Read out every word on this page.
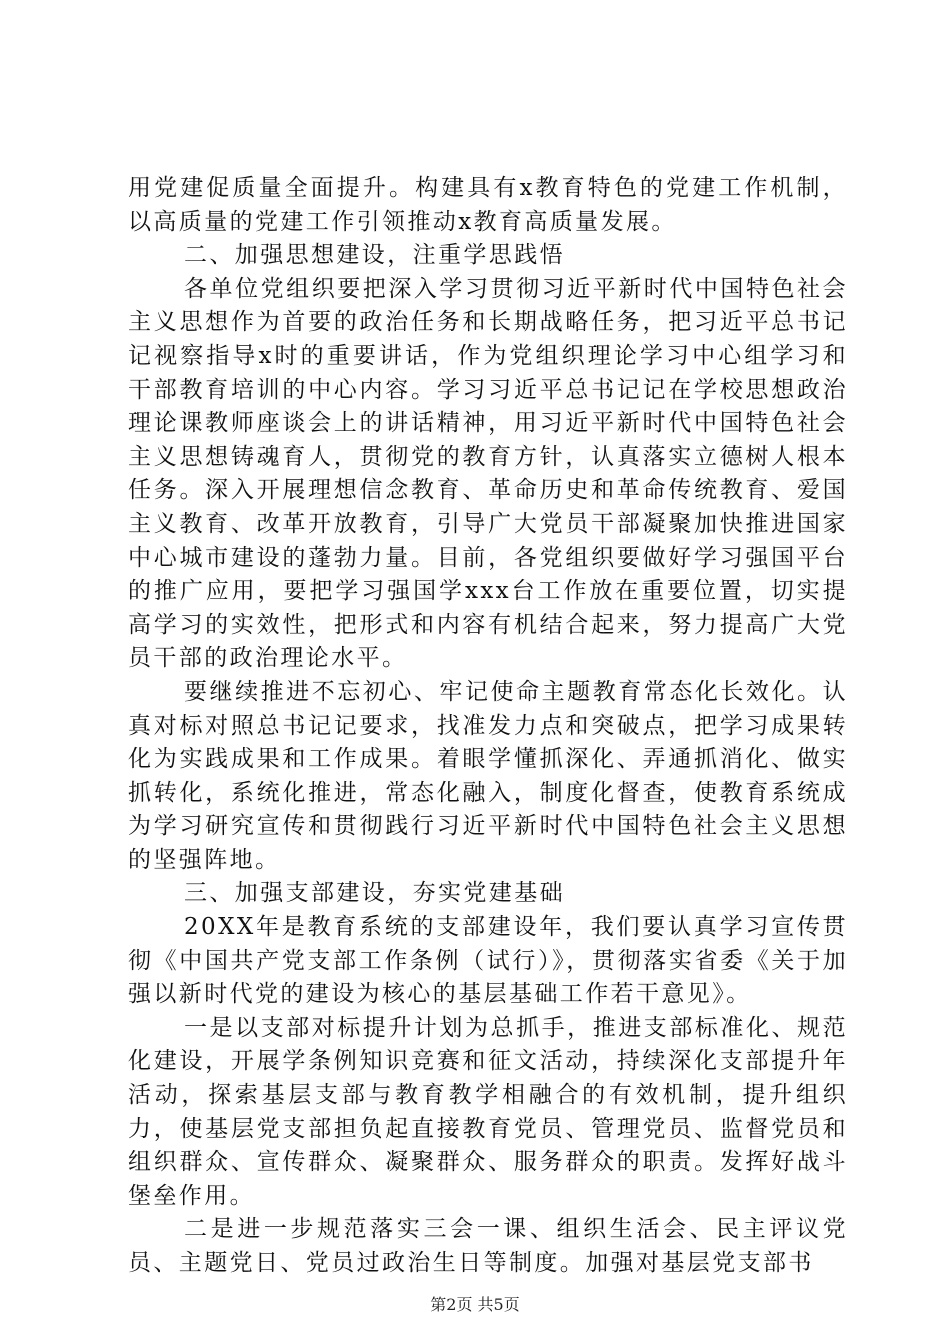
用党建促质量全面提升。构建具有x教育特色的党建工作机制，以高质量的党建工作引领推动x教育高质量发展。

二、加强思想建设，注重学思践悟

各单位党组织要把深入学习贯彻习近平新时代中国特色社会主义思想作为首要的政治任务和长期战略任务，把习近平总书记记视察指导x时的重要讲话，作为党组织理论学习中心组学习和干部教育培训的中心内容。学习习近平总书记记在学校思想政治理论课教师座谈会上的讲话精神，用习近平新时代中国特色社会主义思想铸魂育人，贯彻党的教育方针，认真落实立德树人根本任务。深入开展理想信念教育、革命历史和革命传统教育、爱国主义教育、改革开放教育，引导广大党员干部凝聚加快推进国家中心城市建设的蓬勃力量。目前，各党组织要做好学习强国平台的推广应用，要把学习强国学xxx台工作放在重要位置，切实提高学习的实效性，把形式和内容有机结合起来，努力提高广大党员干部的政治理论水平。

要继续推进不忘初心、牢记使命主题教育常态化长效化。认真对标对照总书记记要求，找准发力点和突破点，把学习成果转化为实践成果和工作成果。着眼学懂抓深化、弄通抓消化、做实抓转化，系统化推进，常态化融入，制度化督查，使教育系统成为学习研究宣传和贯彻践行习近平新时代中国特色社会主义思想的坚强阵地。

三、加强支部建设，夯实党建基础

20XX年是教育系统的支部建设年，我们要认真学习宣传贯彻《中国共产党支部工作条例（试行）》，贯彻落实省委《关于加强以新时代党的建设为核心的基层基础工作若干意见》。

一是以支部对标提升计划为总抓手，推进支部标准化、规范化建设，开展学条例知识竞赛和征文活动，持续深化支部提升年活动，探索基层支部与教育教学相融合的有效机制，提升组织力，使基层党支部担负起直接教育党员、管理党员、监督党员和组织群众、宣传群众、凝聚群众、服务群众的职责。发挥好战斗堡垒作用。

二是进一步规范落实三会一课、组织生活会、民主评议党员、主题党日、党员过政治生日等制度。加强对基层党支部书

第2页 共5页
